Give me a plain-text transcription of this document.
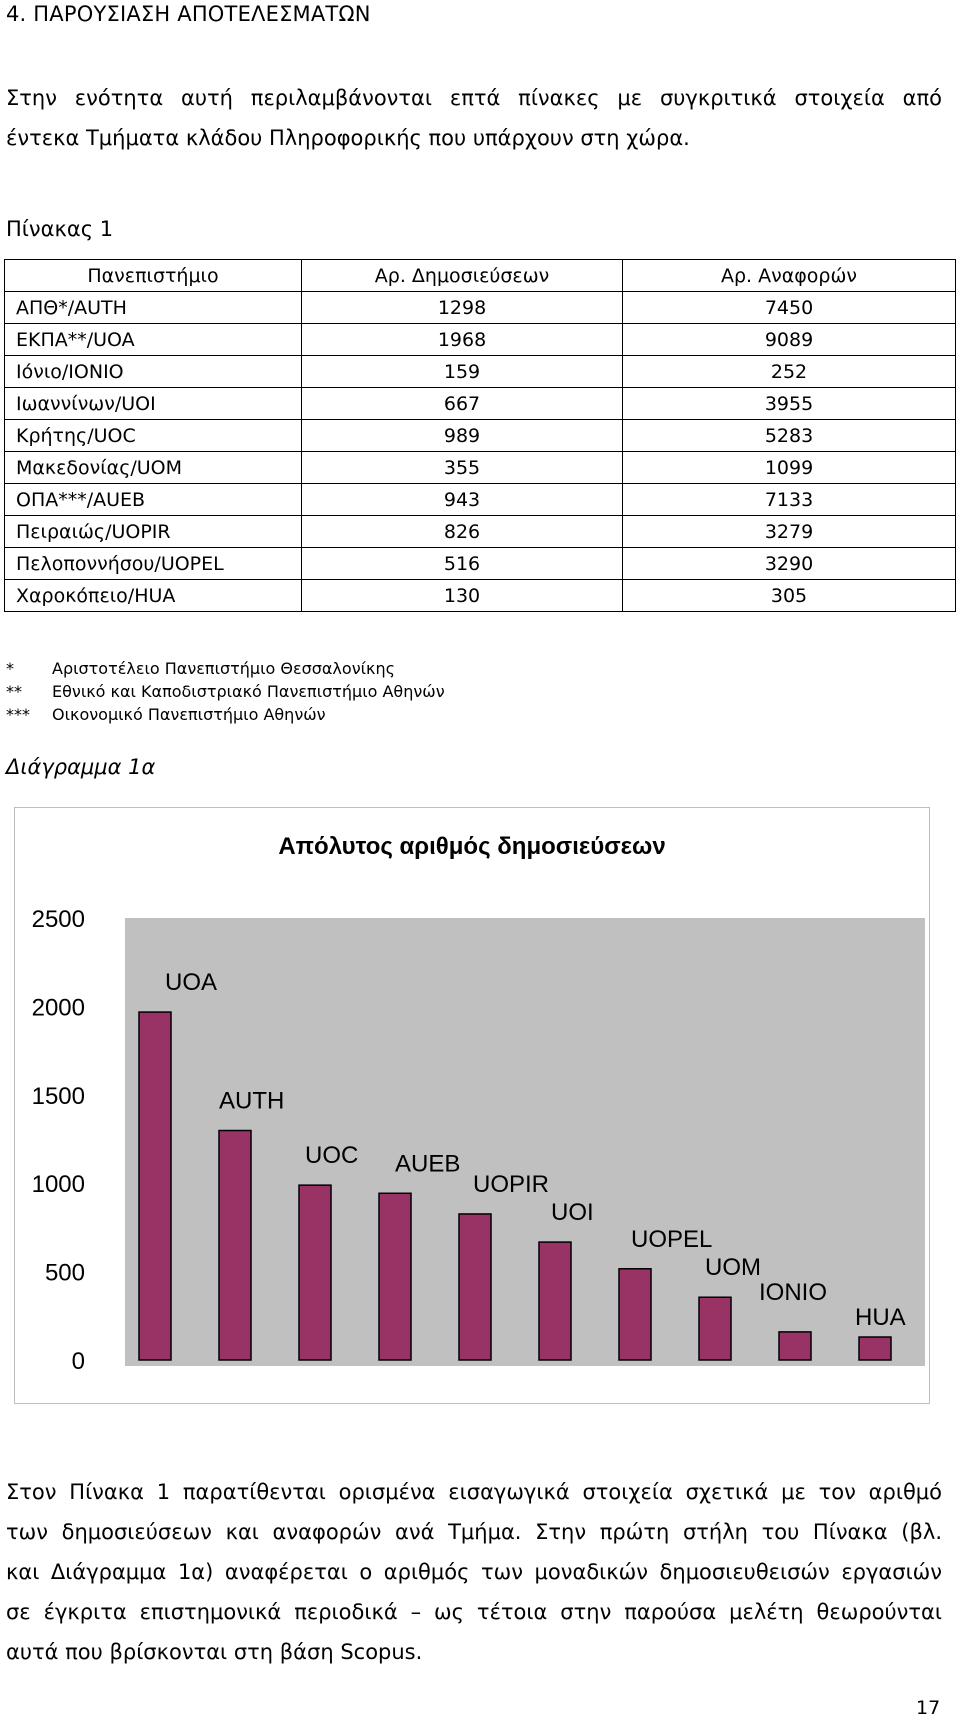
4. ΠΑΡΟΥΣΙΑΣΗ ΑΠΟΤΕΛΕΣΜΑΤΩΝ
Στην ενότητα αυτή περιλαμβάνονται επτά πίνακες με συγκριτικά στοιχεία από
έντεκα Τμήματα κλάδου Πληροφορικής που υπάρχουν στη χώρα.
Πίνακας 1
Πανεπιστήμιο	Αρ. Δημοσιεύσεων	Αρ. Αναφορών
ΑΠΘ*/AUTH	1298	7450
ΕΚΠΑ**/UOA	1968	9089
Ιόνιο/IONIO	159	252
Ιωαννίνων/UOI	667	3955
Κρήτης/UOC	989	5283
Μακεδονίας/UOM	355	1099
ΟΠΑ***/AUEB	943	7133
Πειραιώς/UOPIR	826	3279
Πελοποννήσου/UOPEL	516	3290
Χαροκόπειο/HUA	130	305
*	Αριστοτέλειο Πανεπιστήμιο Θεσσαλονίκης
**	Εθνικό και Καποδιστριακό Πανεπιστήμιο Αθηνών
***	Οικονομικό Πανεπιστήμιο Αθηνών
Διάγραμμα 1α
Απόλυτος αριθμός δημοσιεύσεων
0
500
1000
1500
2000
2500
UOA
AUTH
UOC AUEB
UOPIR
UOI
UOPEL
UOM
IONIO
HUA
Στον Πίνακα 1 παρατίθενται ορισμένα εισαγωγικά στοιχεία σχετικά με τον αριθμό
των δημοσιεύσεων και αναφορών ανά Τμήμα. Στην πρώτη στήλη του Πίνακα (βλ.
και Διάγραμμα 1α) αναφέρεται ο αριθμός των μοναδικών δημοσιευθεισών εργασιών
σε έγκριτα επιστημονικά περιοδικά – ως τέτοια στην παρούσα μελέτη θεωρούνται
αυτά που βρίσκονται στη βάση Scopus.
17
